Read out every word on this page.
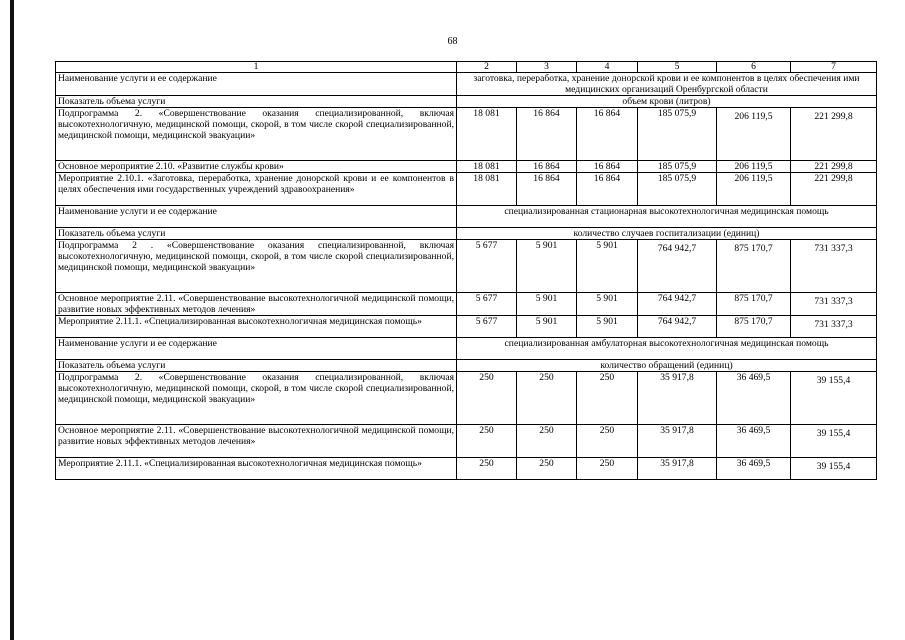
68
1	2	3	4	5	6	7
Наименование услуги и ее содержание	заготовка, переработка, хранение донорской крови и ее компонентов в целях обеспечения ими медицинских организаций Оренбургской области					
Показатель объема услуги	объем крови (литров)					
Подпрограмма 2. «Совершенствование оказания специализированной, включая высокотехнологичную, медицинской помощи, скорой, в том числе скорой специализированной, медицинской помощи, медицинской эвакуации»	18 081	16 864	16 864	185 075,9	206 119,5	221 299,8
Основное мероприятие 2.10. «Развитие службы крови»	18 081	16 864	16 864	185 075,9	206 119,5	221 299,8
Мероприятие 2.10.1. «Заготовка, переработка, хранение донорской крови и ее компонентов в целях обеспечения ими государственных учреждений здравоохранения»	18 081	16 864	16 864	185 075,9	206 119,5	221 299,8
Наименование услуги и ее содержание	специализированная стационарная высокотехнологичная медицинская помощь					
Показатель объема услуги	количество случаев госпитализации (единиц)					
Подпрограмма 2 . «Совершенствование оказания специализированной, включая высокотехнологичную, медицинской помощи, скорой, в том числе скорой специализированной, медицинской помощи, медицинской эвакуации»	5 677	5 901	5 901	764 942,7	875 170,7	731 337,3
Основное мероприятие 2.11. «Совершенствование высокотехнологичной медицинской помощи, развитие новых эффективных методов лечения»	5 677	5 901	5 901	764 942,7	875 170,7	731 337,3
Мероприятие 2.11.1. «Специализированная высокотехнологичная медицинская помощь»	5 677	5 901	5 901	764 942,7	875 170,7	731 337,3
Наименование услуги и ее содержание	специализированная амбулаторная высокотехнологичная медицинская помощь					
Показатель объема услуги	количество обращений (единиц)					
Подпрограмма 2. «Совершенствование оказания специализированной, включая высокотехнологичную, медицинской помощи, скорой, в том числе скорой специализированной, медицинской помощи, медицинской эвакуации»	250	250	250	35 917,8	36 469,5	39 155,4
Основное мероприятие 2.11. «Совершенствование высокотехнологичной медицинской помощи, развитие новых эффективных методов лечения»	250	250	250	35 917,8	36 469,5	39 155,4
Мероприятие 2.11.1. «Специализированная высокотехнологичная медицинская помощь»	250	250	250	35 917,8	36 469,5	39 155,4
